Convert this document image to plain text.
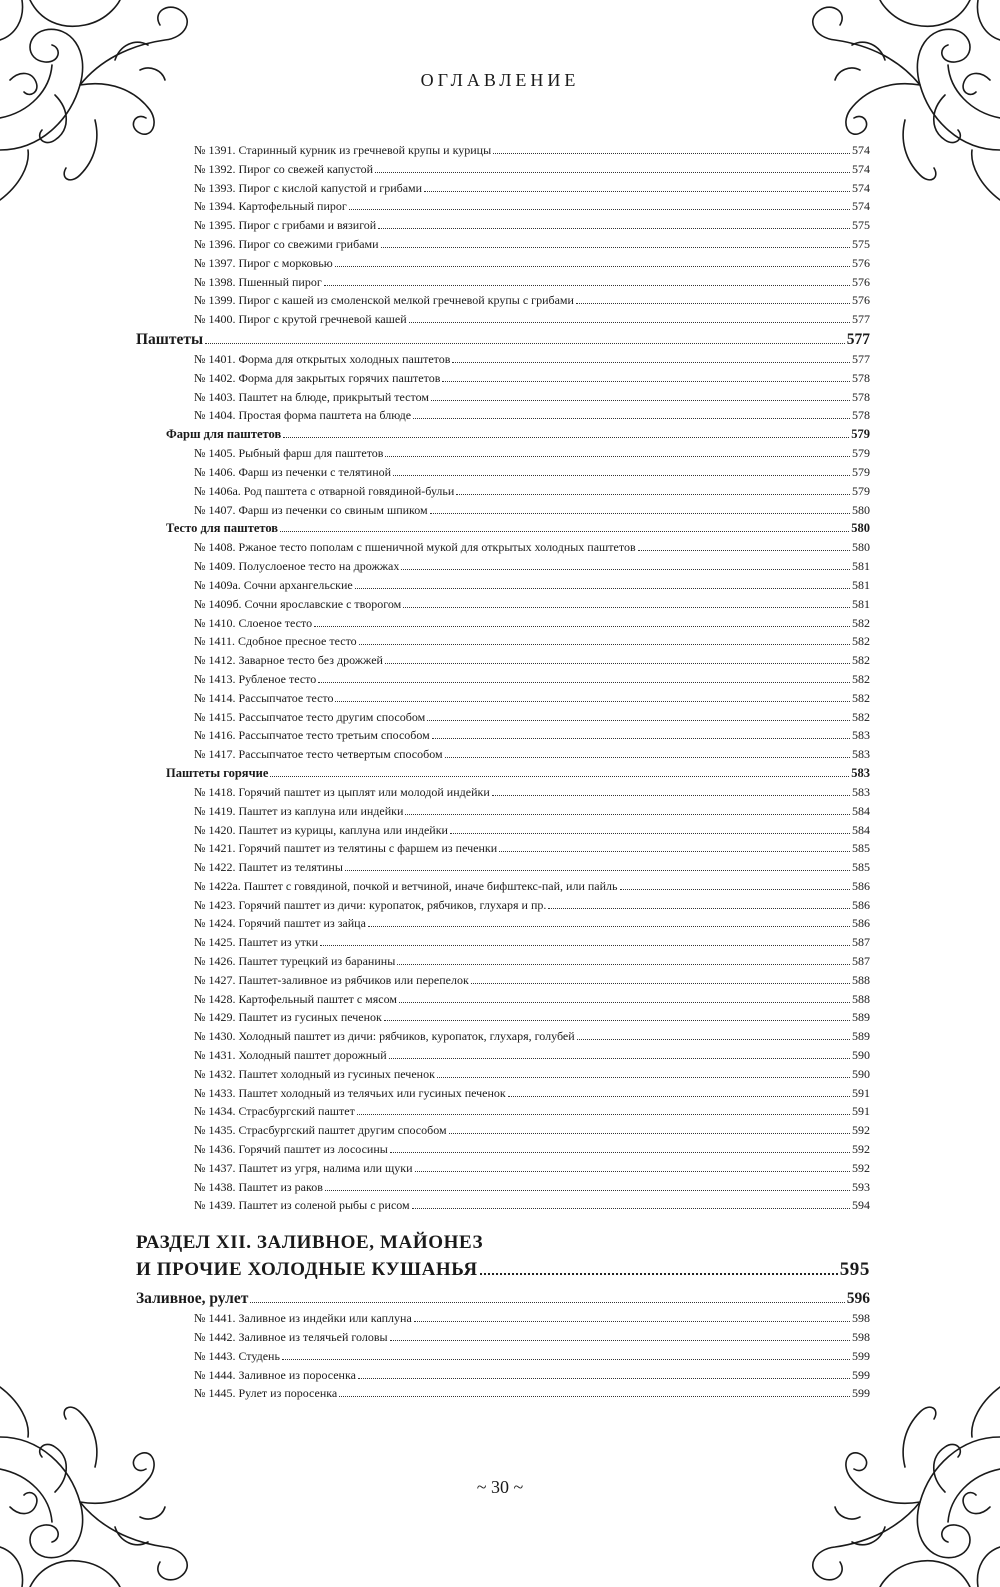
ОГЛАВЛЕНИЕ
№ 1391. Старинный курник из гречневой крупы и курицы	574
№ 1392. Пирог со свежей капустой	574
№ 1393. Пирог с кислой капустой и грибами	574
№ 1394. Картофельный пирог	574
№ 1395. Пирог с грибами и вязигой	575
№ 1396. Пирог со свежими грибами	575
№ 1397. Пирог с морковью	576
№ 1398. Пшенный пирог	576
№ 1399. Пирог с кашей из смоленской мелкой гречневой крупы с грибами	576
№ 1400. Пирог с крутой гречневой кашей	577
Паштеты	577
№ 1401. Форма для открытых холодных паштетов	577
№ 1402. Форма для закрытых горячих паштетов	578
№ 1403. Паштет на блюде, прикрытый тестом	578
№ 1404. Простая форма паштета на блюде	578
Фарш для паштетов	579
№ 1405. Рыбный фарш для паштетов	579
№ 1406. Фарш из печенки с телятиной	579
№ 1406а. Род паштета с отварной говядиной-бульи	579
№ 1407. Фарш из печенки со свиным шпиком	580
Тесто для паштетов	580
№ 1408. Ржаное тесто пополам с пшеничной мукой для открытых холодных паштетов	580
№ 1409. Полуслоеное тесто на дрожжах	581
№ 1409а. Сочни архангельские	581
№ 1409б. Сочни ярославские с творогом	581
№ 1410. Слоеное тесто	582
№ 1411. Сдобное пресное тесто	582
№ 1412. Заварное тесто без дрожжей	582
№ 1413. Рубленое тесто	582
№ 1414. Рассыпчатое тесто	582
№ 1415. Рассыпчатое тесто другим способом	582
№ 1416. Рассыпчатое тесто третьим способом	583
№ 1417. Рассыпчатое тесто четвертым способом	583
Паштеты горячие	583
№ 1418. Горячий паштет из цыплят или молодой индейки	583
№ 1419. Паштет из каплуна или индейки	584
№ 1420. Паштет из курицы, каплуна или индейки	584
№ 1421. Горячий паштет из телятины с фаршем из печенки	585
№ 1422. Паштет из телятины	585
№ 1422а. Паштет с говядиной, почкой и ветчиной, иначе бифштекс-пай, или пайль	586
№ 1423. Горячий паштет из дичи: куропаток, рябчиков, глухаря и пр.	586
№ 1424. Горячий паштет из зайца	586
№ 1425. Паштет из утки	587
№ 1426. Паштет турецкий из баранины	587
№ 1427. Паштет-заливное из рябчиков или перепелок	588
№ 1428. Картофельный паштет с мясом	588
№ 1429. Паштет из гусиных печенок	589
№ 1430. Холодный паштет из дичи: рябчиков, куропаток, глухаря, голубей	589
№ 1431. Холодный паштет дорожный	590
№ 1432. Паштет холодный из гусиных печенок	590
№ 1433. Паштет холодный из телячьих или гусиных печенок	591
№ 1434. Страсбургский паштет	591
№ 1435. Страсбургский паштет другим способом	592
№ 1436. Горячий паштет из лососины	592
№ 1437. Паштет из угря, налима или щуки	592
№ 1438. Паштет из раков	593
№ 1439. Паштет из соленой рыбы с рисом	594
РАЗДЕЛ XII. ЗАЛИВНОЕ, МАЙОНЕЗ
И ПРОЧИЕ ХОЛОДНЫЕ КУШАНЬЯ	595
Заливное, рулет	596
№ 1441. Заливное из индейки или каплуна	598
№ 1442. Заливное из телячьей головы	598
№ 1443. Студень	599
№ 1444. Заливное из поросенка	599
№ 1445. Рулет из поросенка	599
~ 30 ~
